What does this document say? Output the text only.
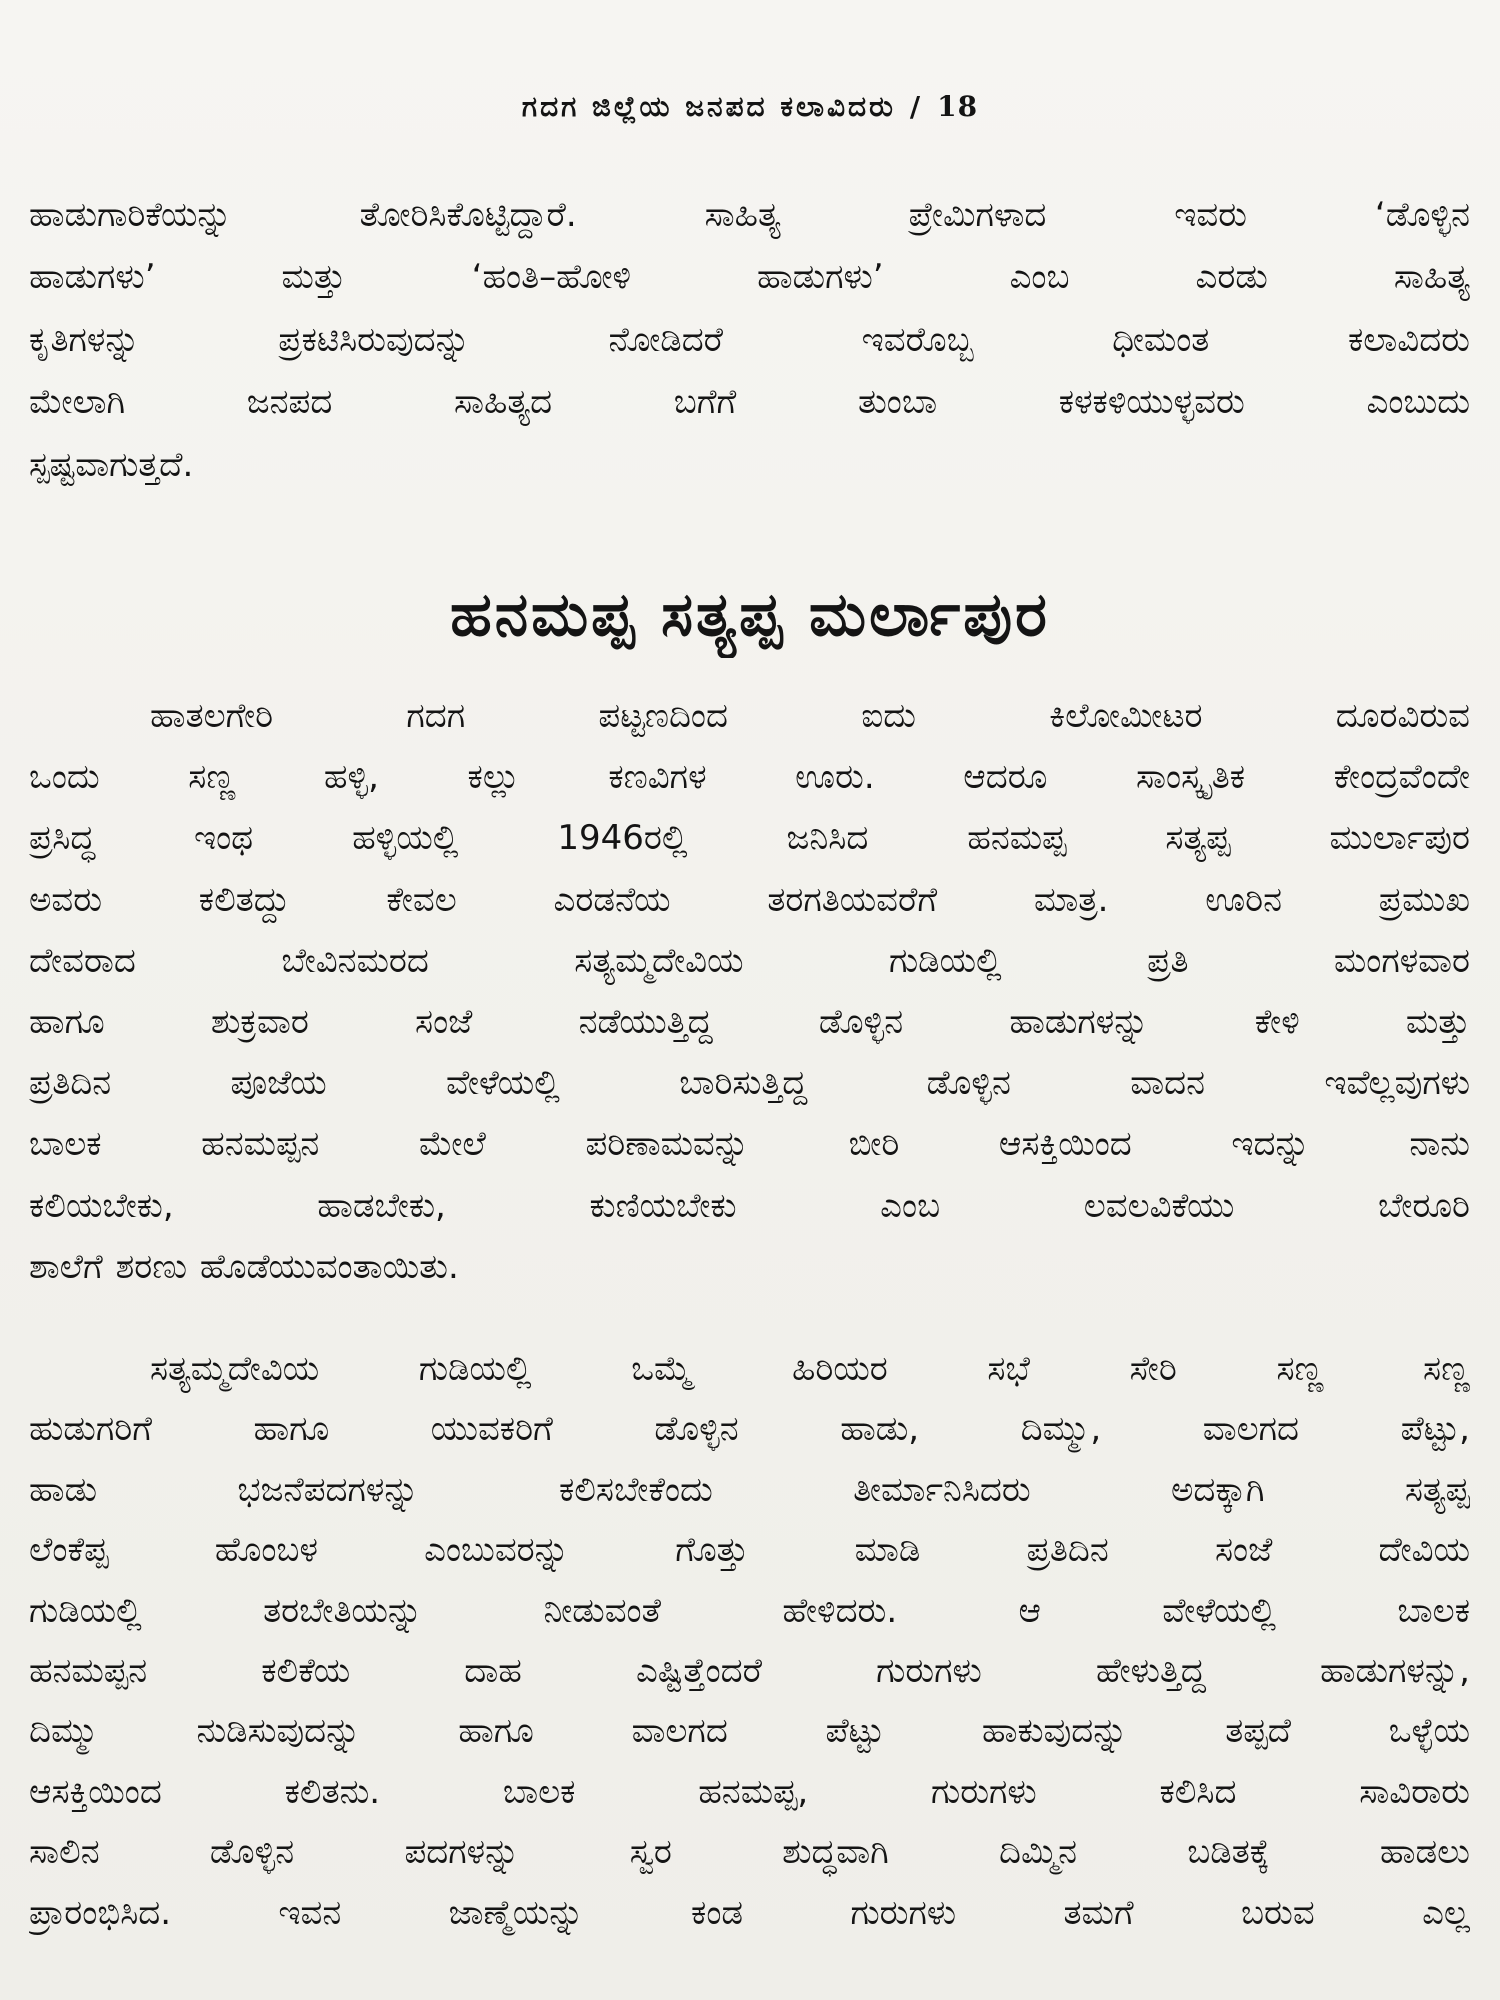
ಗದಗ ಜಿಲ್ಲೆಯ ಜನಪದ ಕಲಾವಿದರು / 18
ಹಾಡುಗಾರಿಕೆಯನ್ನು ತೋರಿಸಿಕೊಟ್ಟಿದ್ದಾರೆ. ಸಾಹಿತ್ಯ ಪ್ರೇಮಿಗಳಾದ ಇವರು ‘ಡೊಳ್ಳಿನ
ಹಾಡುಗಳು’ ಮತ್ತು ‘ಹಂತಿ–ಹೋಳಿ ಹಾಡುಗಳು’ ಎಂಬ ಎರಡು ಸಾಹಿತ್ಯ
ಕೃತಿಗಳನ್ನು ಪ್ರಕಟಿಸಿರುವುದನ್ನು ನೋಡಿದರೆ ಇವರೊಬ್ಬ ಧೀಮಂತ ಕಲಾವಿದರು
ಮೇಲಾಗಿ ಜನಪದ ಸಾಹಿತ್ಯದ ಬಗೆಗೆ ತುಂಬಾ ಕಳಕಳಿಯುಳ್ಳವರು ಎಂಬುದು
ಸ್ಪಷ್ಟವಾಗುತ್ತದೆ.
ಹನಮಪ್ಪ ಸತ್ಯಪ್ಪ ಮರ್ಲಾಪುರ
ಹಾತಲಗೇರಿ ಗದಗ ಪಟ್ಟಣದಿಂದ ಐದು ಕಿಲೋಮೀಟರ ದೂರವಿರುವ
ಒಂದು ಸಣ್ಣ ಹಳ್ಳಿ, ಕಲ್ಲು ಕಣವಿಗಳ ಊರು. ಆದರೂ ಸಾಂಸ್ಕೃತಿಕ ಕೇಂದ್ರವೆಂದೇ
ಪ್ರಸಿದ್ಧ ಇಂಥ ಹಳ್ಳಿಯಲ್ಲಿ 1946ರಲ್ಲಿ ಜನಿಸಿದ ಹನಮಪ್ಪ ಸತ್ಯಪ್ಪ ಮುರ್ಲಾಪುರ
ಅವರು ಕಲಿತದ್ದು ಕೇವಲ ಎರಡನೆಯ ತರಗತಿಯವರೆಗೆ ಮಾತ್ರ. ಊರಿನ ಪ್ರಮುಖ
ದೇವರಾದ ಬೇವಿನಮರದ ಸತ್ಯಮ್ಮದೇವಿಯ ಗುಡಿಯಲ್ಲಿ ಪ್ರತಿ ಮಂಗಳವಾರ
ಹಾಗೂ ಶುಕ್ರವಾರ ಸಂಜೆ ನಡೆಯುತ್ತಿದ್ದ ಡೊಳ್ಳಿನ ಹಾಡುಗಳನ್ನು ಕೇಳಿ ಮತ್ತು
ಪ್ರತಿದಿನ ಪೂಜೆಯ ವೇಳೆಯಲ್ಲಿ ಬಾರಿಸುತ್ತಿದ್ದ ಡೊಳ್ಳಿನ ವಾದನ ಇವೆಲ್ಲವುಗಳು
ಬಾಲಕ ಹನಮಪ್ಪನ ಮೇಲೆ ಪರಿಣಾಮವನ್ನು ಬೀರಿ ಆಸಕ್ತಿಯಿಂದ ಇದನ್ನು ನಾನು
ಕಲಿಯಬೇಕು, ಹಾಡಬೇಕು, ಕುಣಿಯಬೇಕು ಎಂಬ ಲವಲವಿಕೆಯು ಬೇರೂರಿ
ಶಾಲೆಗೆ ಶರಣು ಹೊಡೆಯುವಂತಾಯಿತು.
ಸತ್ಯಮ್ಮದೇವಿಯ ಗುಡಿಯಲ್ಲಿ ಒಮ್ಮೆ ಹಿರಿಯರ ಸಭೆ ಸೇರಿ ಸಣ್ಣ ಸಣ್ಣ
ಹುಡುಗರಿಗೆ ಹಾಗೂ ಯುವಕರಿಗೆ ಡೊಳ್ಳಿನ ಹಾಡು, ದಿಮ್ಮು, ವಾಲಗದ ಪೆಟ್ಟು,
ಹಾಡು ಭಜನೆಪದಗಳನ್ನು ಕಲಿಸಬೇಕೆಂದು ತೀರ್ಮಾನಿಸಿದರು ಅದಕ್ಕಾಗಿ ಸತ್ಯಪ್ಪ
ಲೆಂಕೆಪ್ಪ ಹೊಂಬಳ ಎಂಬುವರನ್ನು ಗೊತ್ತು ಮಾಡಿ ಪ್ರತಿದಿನ ಸಂಜೆ ದೇವಿಯ
ಗುಡಿಯಲ್ಲಿ ತರಬೇತಿಯನ್ನು ನೀಡುವಂತೆ ಹೇಳಿದರು. ಆ ವೇಳೆಯಲ್ಲಿ ಬಾಲಕ
ಹನಮಪ್ಪನ ಕಲಿಕೆಯ ದಾಹ ಎಷ್ಟಿತ್ತೆಂದರೆ ಗುರುಗಳು ಹೇಳುತ್ತಿದ್ದ ಹಾಡುಗಳನ್ನು,
ದಿಮ್ಮು ನುಡಿಸುವುದನ್ನು ಹಾಗೂ ವಾಲಗದ ಪೆಟ್ಟು ಹಾಕುವುದನ್ನು ತಪ್ಪದೆ ಒಳ್ಳೆಯ
ಆಸಕ್ತಿಯಿಂದ ಕಲಿತನು. ಬಾಲಕ ಹನಮಪ್ಪ, ಗುರುಗಳು ಕಲಿಸಿದ ಸಾವಿರಾರು
ಸಾಲಿನ ಡೊಳ್ಳಿನ ಪದಗಳನ್ನು ಸ್ವರ ಶುದ್ಧವಾಗಿ ದಿಮ್ಮಿನ ಬಡಿತಕ್ಕೆ ಹಾಡಲು
ಪ್ರಾರಂಭಿಸಿದ. ಇವನ ಜಾಣ್ಮೆಯನ್ನು ಕಂಡ ಗುರುಗಳು ತಮಗೆ ಬರುವ ಎಲ್ಲ
